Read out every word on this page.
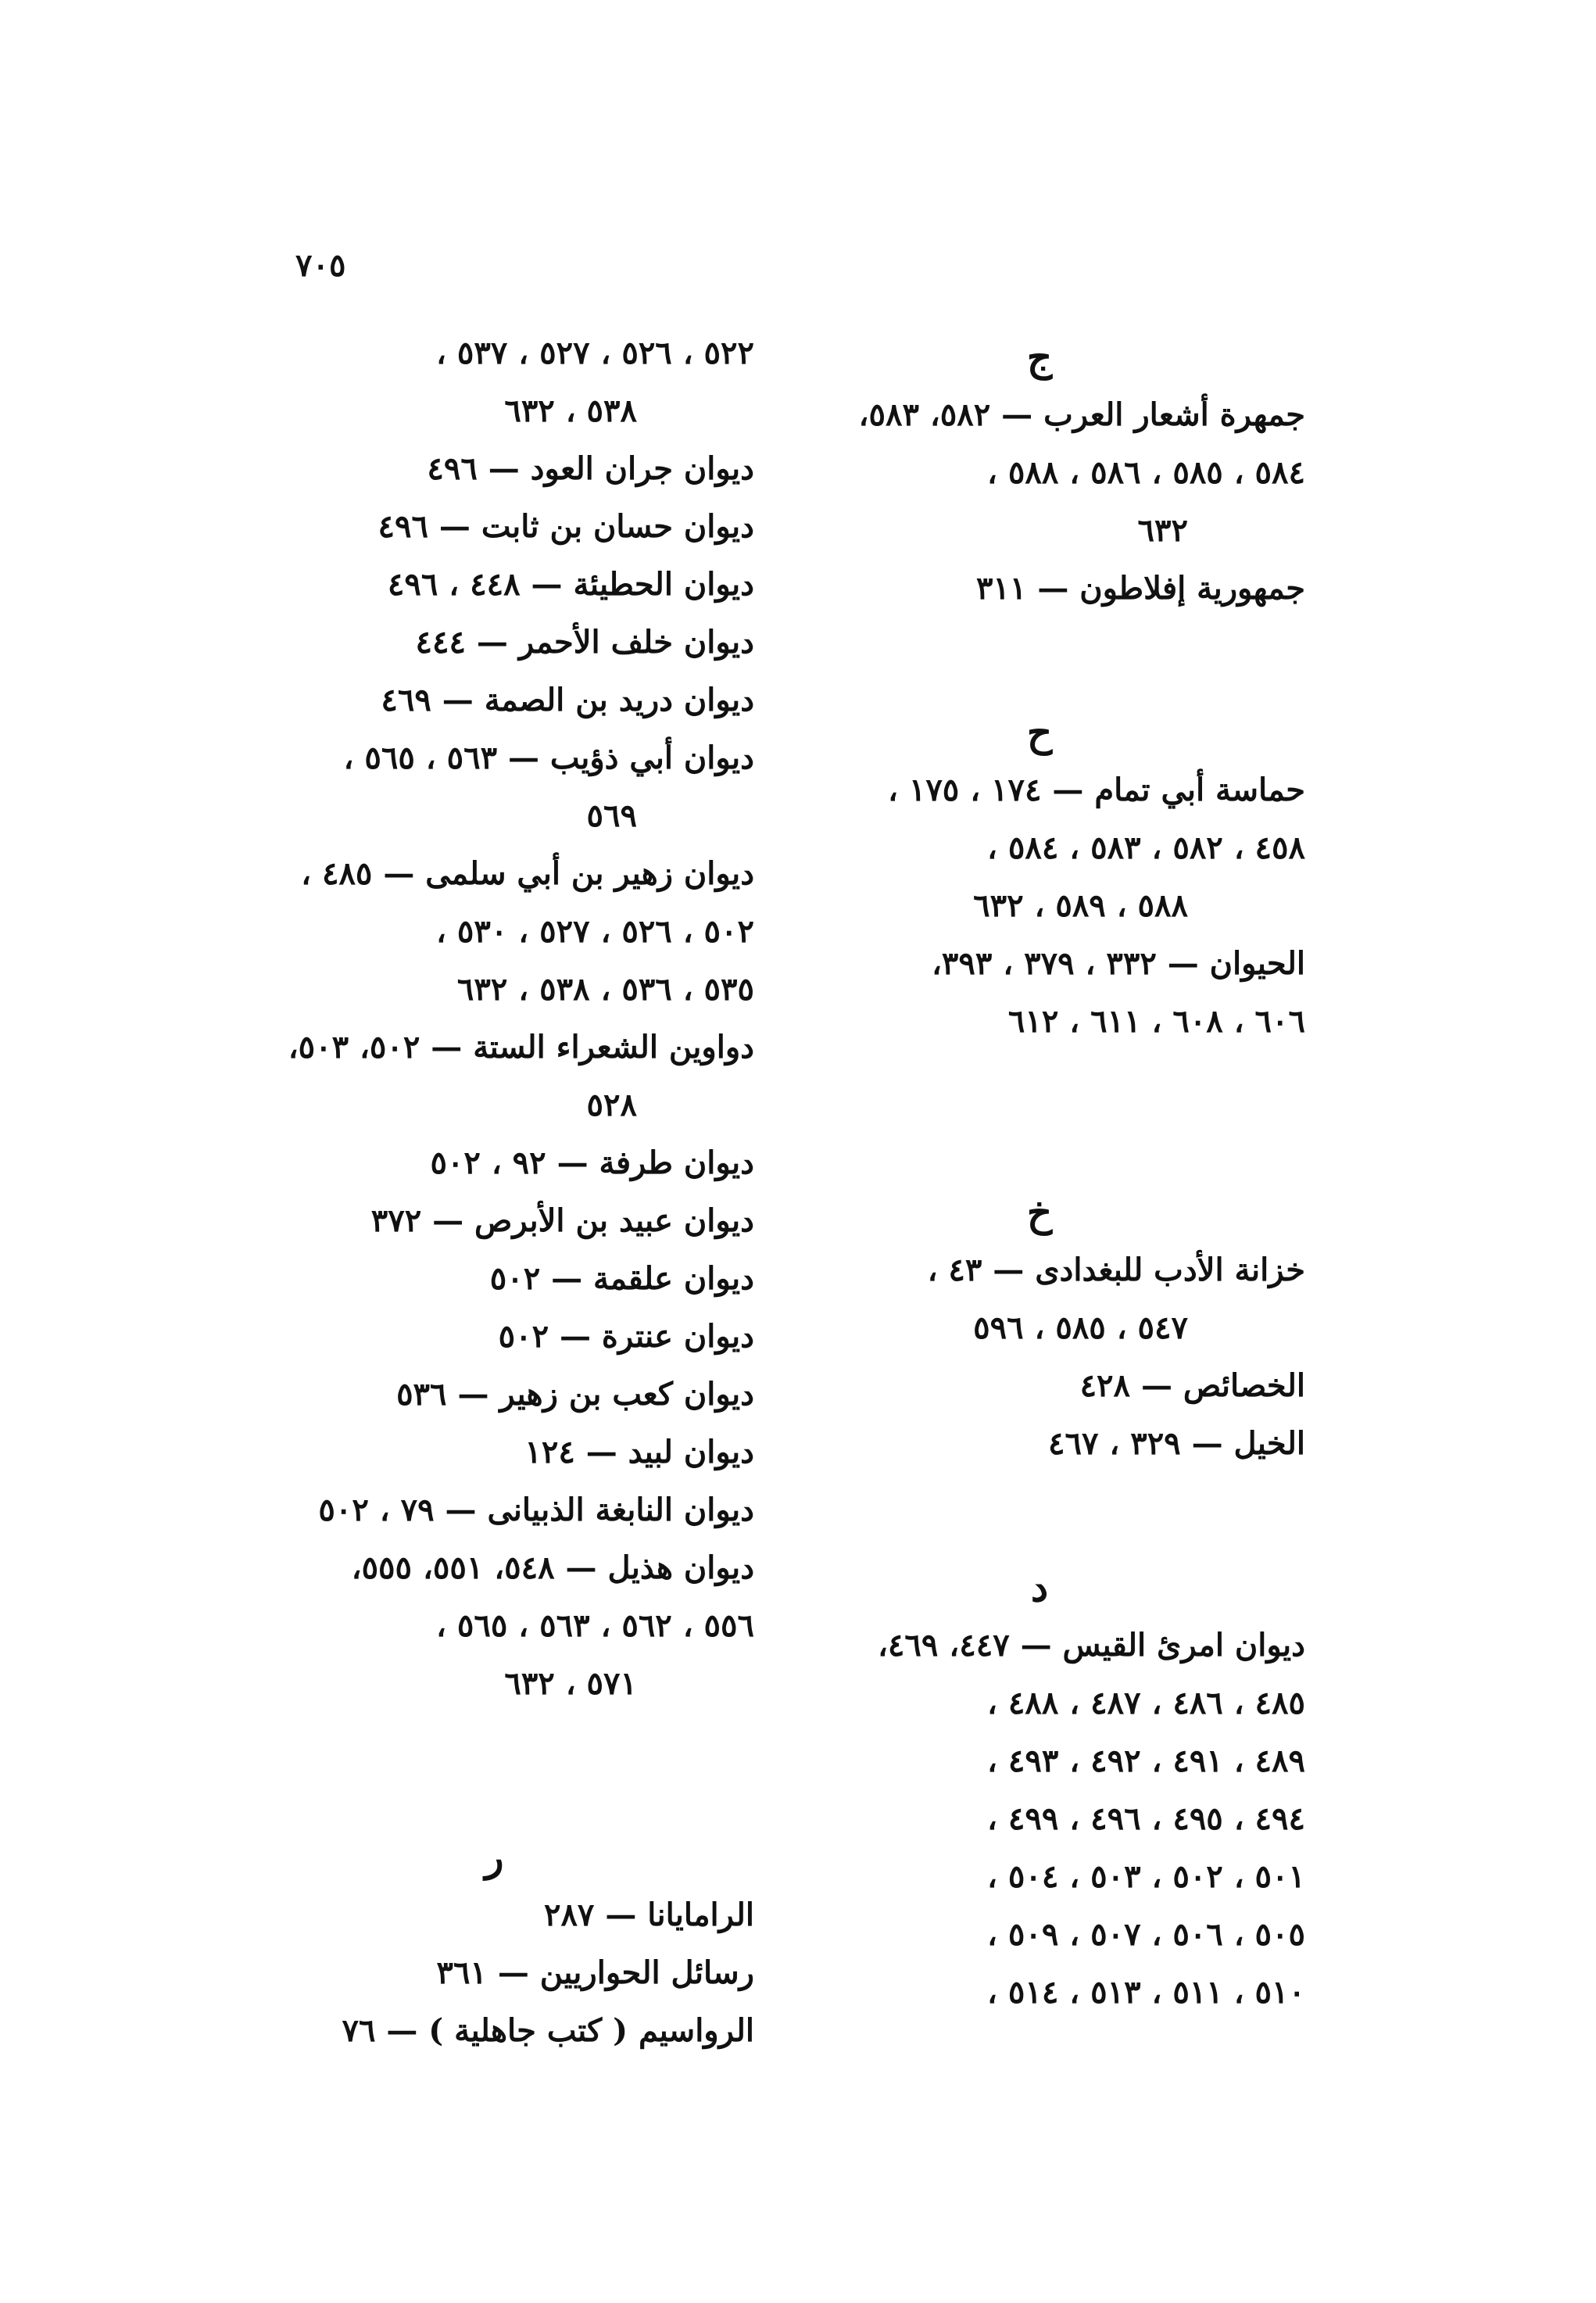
٧٠٥
ج
جمهرة أشعار العرب — ٥٨٢، ٥٨٣،
٥٨٤ ، ٥٨٥ ، ٥٨٦ ، ٥٨٨ ،
٦٣٢
جمهورية إفلاطون — ٣١١
ح
حماسة أبي تمام — ١٧٤ ، ١٧٥ ،
٤٥٨ ، ٥٨٢ ، ٥٨٣ ، ٥٨٤ ،
٥٨٨ ، ٥٨٩ ، ٦٣٢
الحيوان — ٣٣٢ ، ٣٧٩ ، ٣٩٣،
٦٠٦ ، ٦٠٨ ، ٦١١ ، ٦١٢
خ
خزانة الأدب للبغدادى — ٤٣ ،
٥٤٧ ، ٥٨٥ ، ٥٩٦
الخصائص — ٤٢٨
الخيل — ٣٢٩ ، ٤٦٧
د
ديوان امرئ القيس — ٤٤٧، ٤٦٩،
٤٨٥ ، ٤٨٦ ، ٤٨٧ ، ٤٨٨ ،
٤٨٩ ، ٤٩١ ، ٤٩٢ ، ٤٩٣ ،
٤٩٤ ، ٤٩٥ ، ٤٩٦ ، ٤٩٩ ،
٥٠١ ، ٥٠٢ ، ٥٠٣ ، ٥٠٤ ،
٥٠٥ ، ٥٠٦ ، ٥٠٧ ، ٥٠٩ ،
٥١٠ ، ٥١١ ، ٥١٣ ، ٥١٤ ،
٥٢٢ ، ٥٢٦ ، ٥٢٧ ، ٥٣٧ ،
٥٣٨ ، ٦٣٢
ديوان جران العود — ٤٩٦
ديوان حسان بن ثابت — ٤٩٦
ديوان الحطيئة — ٤٤٨ ، ٤٩٦
ديوان خلف الأحمر — ٤٤٤
ديوان دريد بن الصمة — ٤٦٩
ديوان أبي ذؤيب — ٥٦٣ ، ٥٦٥ ،
٥٦٩
ديوان زهير بن أبي سلمى — ٤٨٥ ،
٥٠٢ ، ٥٢٦ ، ٥٢٧ ، ٥٣٠ ،
٥٣٥ ، ٥٣٦ ، ٥٣٨ ، ٦٣٢
دواوين الشعراء الستة — ٥٠٢، ٥٠٣،
٥٢٨
ديوان طرفة — ٩٢ ، ٥٠٢
ديوان عبيد بن الأبرص — ٣٧٢
ديوان علقمة — ٥٠٢
ديوان عنترة — ٥٠٢
ديوان كعب بن زهير — ٥٣٦
ديوان لبيد — ١٢٤
ديوان النابغة الذبيانى — ٧٩ ، ٥٠٢
ديوان هذيل — ٥٤٨، ٥٥١، ٥٥٥،
٥٥٦ ، ٥٦٢ ، ٥٦٣ ، ٥٦٥ ،
٥٧١ ، ٦٣٢
ر
الرامايانا — ٢٨٧
رسائل الحواريين — ٣٦١
الرواسيم ( كتب جاهلية ) — ٧٦
